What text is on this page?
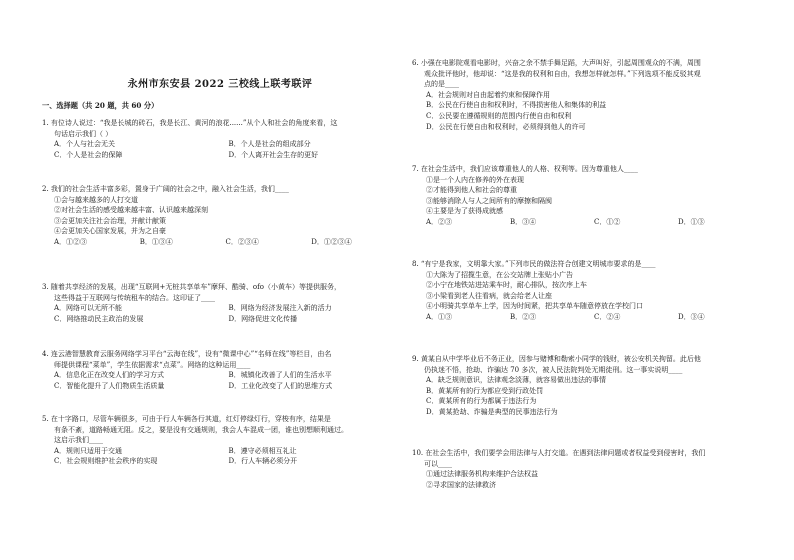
永州市东安县 2022 三校线上联考联评
一、选择题（共 20 题，共 60 分）
1. 有位诗人说过：“我是长城的砖石，我是长江、黄河的浪花......”从个人和社会的角度来看，这
句话启示我们（ ）
A．个人与社会无关	B．个人是社会的组成部分
C．个人是社会的保障	D．个人离开社会生存的更好
2. 我们的社会生活丰富多彩，置身于广阔的社会之中，融入社会生活，我们____
①会与越来越多的人打交道
②对社会生活的感受越来越丰富、认识越来越深刻
③会更加关注社会治理，并献计献策
④会更加关心国家发展，并为之自豪
A．①②③	B．①③④	C．②③④	D．①②③④
3. 随着共享经济的发展，出现“互联网+无桩共享单车”摩拜、酷骑、ofo（小黄车）等提供服务，
这些得益于互联网与传统租车的结合。这印证了____
A．网络可以无所不能	B．网络为经济发展注入新的活力
C．网络推动民主政治的发展	D．网络促进文化传播
4. 连云港智慧教育云服务网络学习平台“云海在线”，设有“微课中心”“名师在线”等栏目，由名
师提供课程“菜单”，学生依据需求“点菜”。网络的这种运用____
A．信息化正在改变人们的学习方式	B．城镇化改善了人们的生活水平
C．智能化提升了人们物质生活质量	D．工业化改变了人们的思维方式
5. 在十字路口，尽管车辆很多，可由于行人车辆各行其道，红灯停绿灯行，穿梭有序，结果是
有条不紊，道路畅通无阻。反之，要是没有交通规则，我会人车混成一团，谁也别想顺利通过。
这启示我们____
A．规则只适用于交通	B．遵守必须相互礼让
C．社会规则维护社会秩序的实现	D．行人车辆必须分开
6. 小强在电影院观看电影时，兴奋之余不禁手舞足蹈，大声叫好，引起周围观众的不满，周围
观众批评他时，他却说：“这是我的权利和自由，我想怎样就怎样。”下列选项不能反驳其观
点的是____
A．社会规则对自由起着约束和保障作用
B．公民在行使自由和权利时，不得损害他人和集体的利益
C．公民要在遵循规则的范围内行使自由和权利
D．公民在行使自由和权利时，必须得到他人的许可
7. 在社会生活中，我们应该尊重他人的人格、权利等。因为尊重他人____
①是一个人内在修养的外在表现
②才能得到他人和社会的尊重
③能够消除人与人之间所有的摩擦和隔阂
④主要是为了获得成就感
A．②③	B．③④	C．①②	D．①③
8. “有宁是我家，文明靠大家。”下列市民的做法符合创建文明城市要求的是____
①大陈为了招揽生意，在公交站牌上张贴小广告
②小宁在地铁站进站乘车时，耐心排队，按次序上车
③小梁看到老人往看病，就会给老人让座
④小明骑共享单车上学，因为时间紧，把共享单车随意停放在学校门口
A．①③	B．②③	C．②④	D．③④
9. 黄某自从中学毕业后不务正业，因参与赌博和勒索小同学的钱财，被公安机关拘留。此后他
仍执迷不悟，抢劫、诈骗达 70 多次，被人民法院判处无期徒刑。这一事实说明____
A．缺乏规则意识，法律观念淡薄，就容易做出违法的事情
B．黄某所有的行为都应受到行政处罚
C．黄某所有的行为都属于违法行为
D．黄某抢劫、诈骗是典型的民事违法行为
10. 在社会生活中，我们要学会用法律与人打交道。在遇到法律问题或者权益受到侵害时，我们
可以____
①通过法律服务机构来维护合法权益
②寻求国家的法律救济
